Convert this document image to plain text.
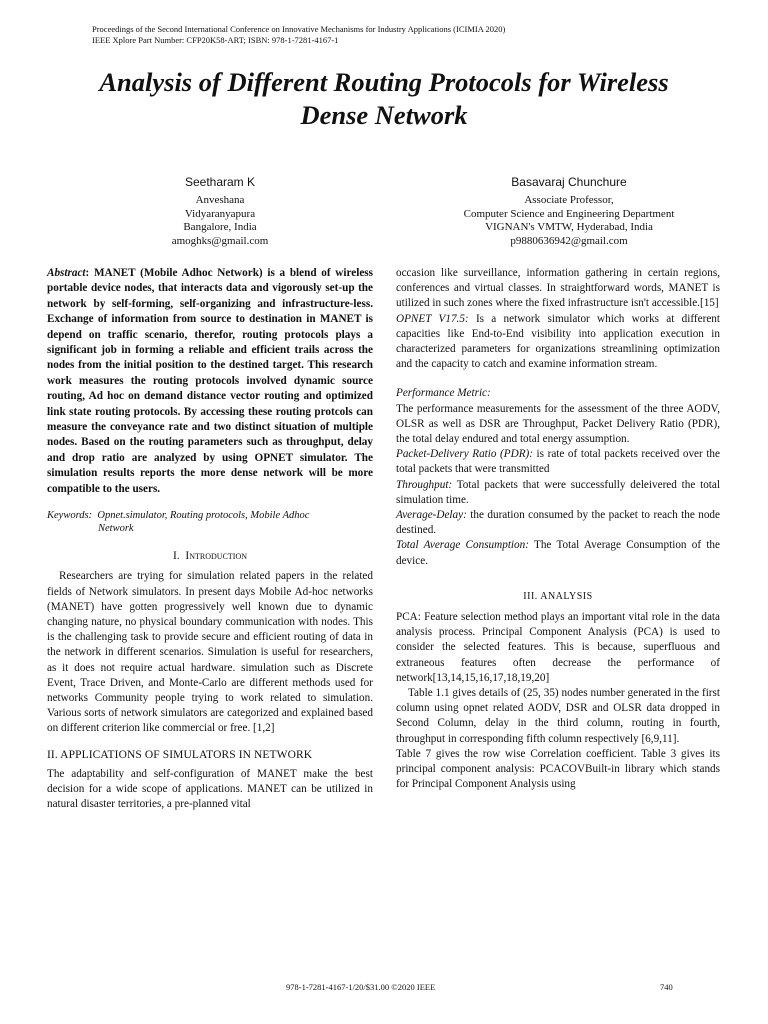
Proceedings of the Second International Conference on Innovative Mechanisms for Industry Applications (ICIMIA 2020)
IEEE Xplore Part Number: CFP20K58-ART; ISBN: 978-1-7281-4167-1
Analysis of Different Routing Protocols for Wireless
Dense Network
Seetharam K
Anveshana
Vidyaranyapura
Bangalore, India
amoghks@gmail.com
Basavaraj Chunchure
Associate Professor,
Computer Science and Engineering Department
VIGNAN's VMTW, Hyderabad, India
p9880636942@gmail.com

Abstract: MANET (Mobile Adhoc Network) is a blend of wireless portable device nodes, that interacts data and vigorously set-up the network by self-forming, self-organizing and infrastructure-less. Exchange of information from source to destination in MANET is depend on traffic scenario, therefor, routing protocols plays a significant job in forming a reliable and efficient trails across the nodes from the initial position to the destined target. This research work measures the routing protocols involved dynamic source routing, Ad hoc on demand distance vector routing and optimized link state routing protocols. By accessing these routing protcols can measure the conveyance rate and two distinct situation of multiple nodes. Based on the routing parameters such as throughput, delay and drop ratio are analyzed by using OPNET simulator. The simulation results reports the more dense network will be more compatible to the users.

Keywords: Opnet.simulator, Routing protocols, Mobile Adhoc
Network

I. Introduction

Researchers are trying for simulation related papers in the related fields of Network simulators. In present days Mobile Ad-hoc networks (MANET) have gotten progressively well known due to dynamic changing nature, no physical boundary communication with nodes. This is the challenging task to provide secure and efficient routing of data in the network in different scenarios. Simulation is useful for researchers, as it does not require actual hardware. simulation such as Discrete Event, Trace Driven, and Monte-Carlo are different methods used for networks Community people trying to work related to simulation. Various sorts of network simulators are categorized and explained based on different criterion like commercial or free. [1,2]

II. APPLICATIONS OF SIMULATORS IN NETWORK

The adaptability and self-configuration of MANET make the best decision for a wide scope of applications. MANET can be utilized in natural disaster territories, a pre-planned vital

occasion like surveillance, information gathering in certain regions, conferences and virtual classes. In straightforward words, MANET is utilized in such zones where the fixed infrastructure isn't accessible.[15]

OPNET V17.5: Is a network simulator which works at different capacities like End-to-End visibility into application execution in characterized parameters for organizations streamlining optimization and the capacity to catch and examine information stream.

Performance Metric:

The performance measurements for the assessment of the three AODV, OLSR as well as DSR are Throughput, Packet Delivery Ratio (PDR), the total delay endured and total energy assumption.

Packet-Delivery Ratio (PDR): is rate of total packets received over the total packets that were transmitted

Throughput: Total packets that were successfully deleivered the total simulation time.

Average-Delay: the duration consumed by the packet to reach the node destined.

Total Average Consumption: The Total Average Consumption of the device.

III. ANALYSIS

PCA: Feature selection method plays an important vital role in the data analysis process. Principal Component Analysis (PCA) is used to consider the selected features. This is because, superfluous and extraneous features often decrease the performance of network[13,14,15,16,17,18,19,20]

Table 1.1 gives details of (25, 35) nodes number generated in the first column using opnet related AODV, DSR and OLSR data dropped in Second Column, delay in the third column, routing in fourth, throughput in corresponding fifth column respectively [6,9,11].

Table 7 gives the row wise Correlation coefficient. Table 3 gives its principal component analysis: PCACOVBuilt-in library which stands for Principal Component Analysis using

978-1-7281-4167-1/20/$31.00 ©2020 IEEE	740
